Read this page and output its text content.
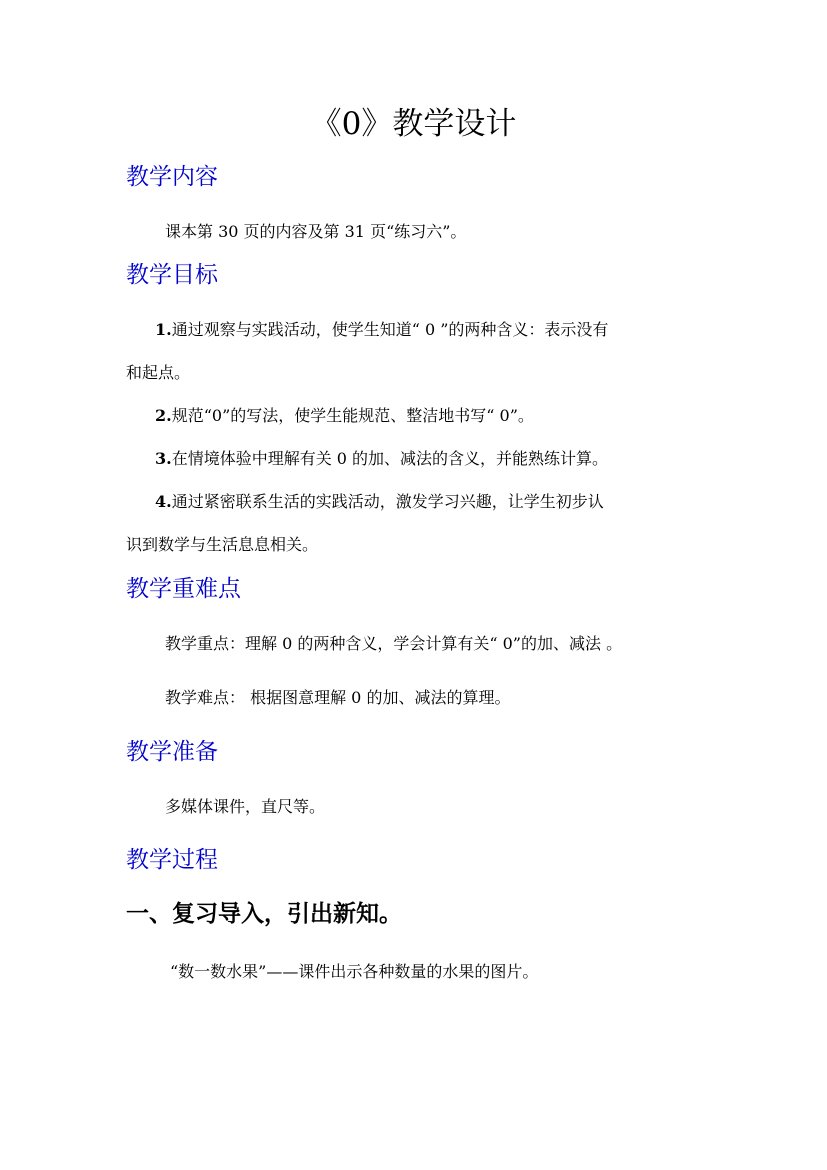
《0》教学设计
教学内容
课本第 30 页的内容及第 31 页“练习六”。
教学目标
1.通过观察与实践活动，使学生知道“ 0 ”的两种含义：表示没有
和起点。
2.规范“0”的写法，使学生能规范、整洁地书写“ 0”。
3.在情境体验中理解有关 0 的加、减法的含义，并能熟练计算。
4.通过紧密联系生活的实践活动，激发学习兴趣，让学生初步认
识到数学与生活息息相关。
教学重难点
教学重点：理解 0 的两种含义，学会计算有关“ 0”的加、减法 。
教学难点： 根据图意理解 0 的加、减法的算理。
教学准备
多媒体课件，直尺等。
教学过程
一、复习导入，引出新知。
“数一数水果”——课件出示各种数量的水果的图片。
